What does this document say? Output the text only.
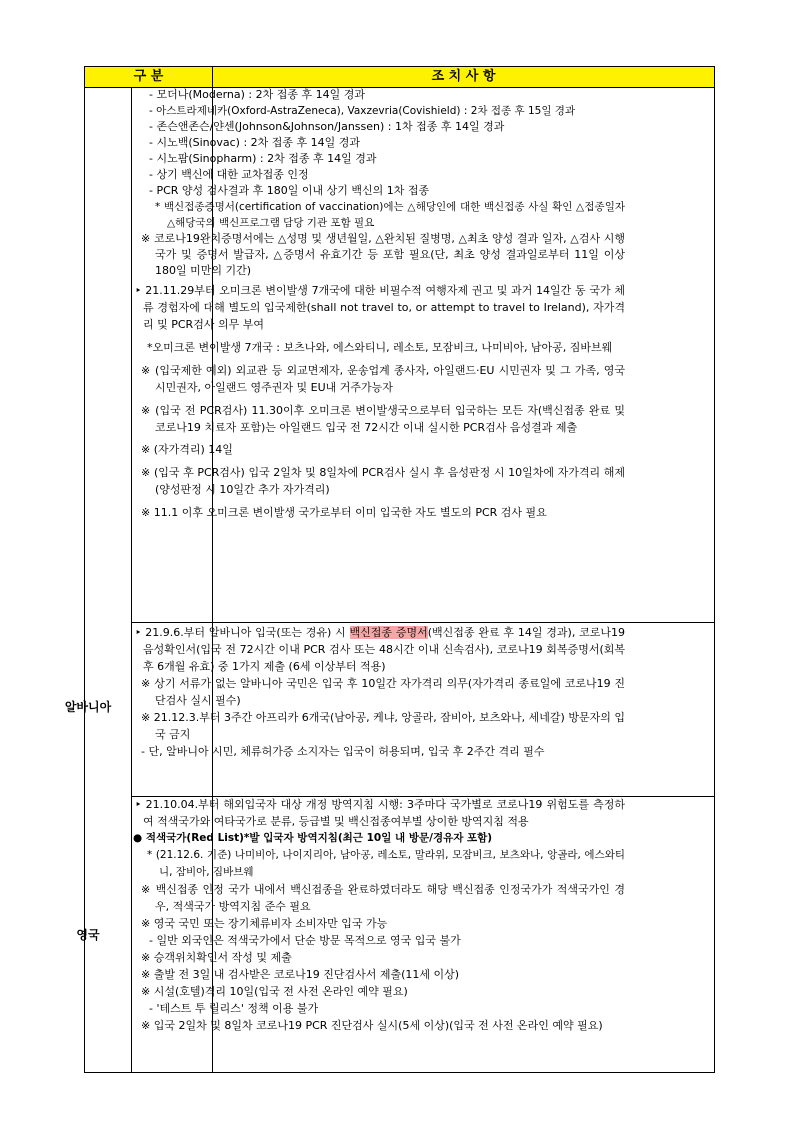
구 분	조 치 사 항

- 모더나(Moderna) : 2차 접종 후 14일 경과

- 아스트라제네카(Oxford-AstraZeneca), Vaxzevria(Covishield) : 2차 접종 후 15일 경과

- 존슨앤존슨/얀센(Johnson&Johnson/Janssen) : 1차 접종 후 14일 경과

- 시노백(Sinovac) : 2차 접종 후 14일 경과

- 시노팜(Sinopharm) : 2차 접종 후 14일 경과

- 상기 백신에 대한 교차접종 인정

- PCR 양성 검사결과 후 180일 이내 상기 백신의 1차 접종

* 백신접종증명서(certification of vaccination)에는 △해당인에 대한 백신접종 사실 확인 △접종일자 △해당국의 백신프로그램 담당 기관 포함 필요

※ 코로나19완치증명서에는 △성명 및 생년월일, △완치된 질병명, △최초 양성 결과 일자, △검사 시행 국가 및 증명서 발급자, △증명서 유효기간 등 포함 필요(단, 최초 양성 결과일로부터 11일 이상 180일 미만의 기간)

‣ 21.11.29부터 오미크론 변이발생 7개국에 대한 비필수적 여행자제 권고 및 과거 14일간 동 국가 체류 경험자에 대해 별도의 입국제한(shall not travel to, or attempt to travel to Ireland), 자가격리 및 PCR검사 의무 부여

*오미크론 변이발생 7개국 : 보츠나와, 에스와티니, 레소토, 모잠비크, 나미비아, 남아공, 짐바브웨

※ (입국제한 예외) 외교관 등 외교면제자, 운송업계 종사자, 아일랜드·EU 시민권자 및 그 가족, 영국 시민권자, 아일랜드 영주권자 및 EU내 거주가능자

※ (입국 전 PCR검사) 11.30이후 오미크론 변이발생국으로부터 입국하는 모든 자(백신접종 완료 및 코로나19 치료자 포함)는 아일랜드 입국 전 72시간 이내 실시한 PCR검사 음성결과 제출

※ (자가격리) 14일

※ (입국 후 PCR검사) 입국 2일차 및 8일차에 PCR검사 실시 후 음성판정 시 10일차에 자가격리 해제(양성판정 시 10일간 추가 자가격리)

※ 11.1 이후 오미크론 변이발생 국가로부터 이미 입국한 자도 별도의 PCR 검사 필요

알바니아

‣ 21.9.6.부터 알바니아 입국(또는 경유) 시 백신접종 증명서(백신접종 완료 후 14일 경과), 코로나19 음성확인서(입국 전 72시간 이내 PCR 검사 또는 48시간 이내 신속검사), 코로나19 회복증명서(회복 후 6개월 유효) 중 1가지 제출 (6세 이상부터 적용)

※ 상기 서류가 없는 알바니아 국민은 입국 후 10일간 자가격리 의무(자가격리 종료일에 코로나19 진단검사 실시 필수)

※ 21.12.3.부터 3주간 아프리카 6개국(남아공, 케냐, 앙골라, 잠비아, 보츠와나, 세네갈) 방문자의 입국 금지

- 단, 알바니아 시민, 체류허가증 소지자는 입국이 허용되며, 입국 후 2주간 격리 필수

영국

‣ 21.10.04.부터 해외입국자 대상 개정 방역지침 시행: 3주마다 국가별로 코로나19 위험도를 측정하여 적색국가와 여타국가로 분류, 등급별 및 백신접종여부별 상이한 방역지침 적용

● 적색국가(Red List)*발 입국자 방역지침(최근 10일 내 방문/경유자 포함)

* (21.12.6. 기준) 나미비아, 나이지리아, 남아공, 레소토, 말라위, 모잠비크, 보츠와나, 앙골라, 에스와티니, 잠비아, 짐바브웨

※ 백신접종 인정 국가 내에서 백신접종을 완료하였더라도 해당 백신접종 인정국가가 적색국가인 경우, 적색국가 방역지침 준수 필요

※ 영국 국민 또는 장기체류비자 소비자만 입국 가능

- 일반 외국인은 적색국가에서 단순 방문 목적으로 영국 입국 불가

※ 승객위치확인서 작성 및 제출

※ 출발 전 3일 내 검사받은 코로나19 진단검사서 제출(11세 이상)

※ 시설(호텔)격리 10일(입국 전 사전 온라인 예약 필요)

- '테스트 투 릴리스' 정책 이용 불가

※ 입국 2일차 및 8일차 코로나19 PCR 진단검사 실시(5세 이상)(입국 전 사전 온라인 예약 필요)
